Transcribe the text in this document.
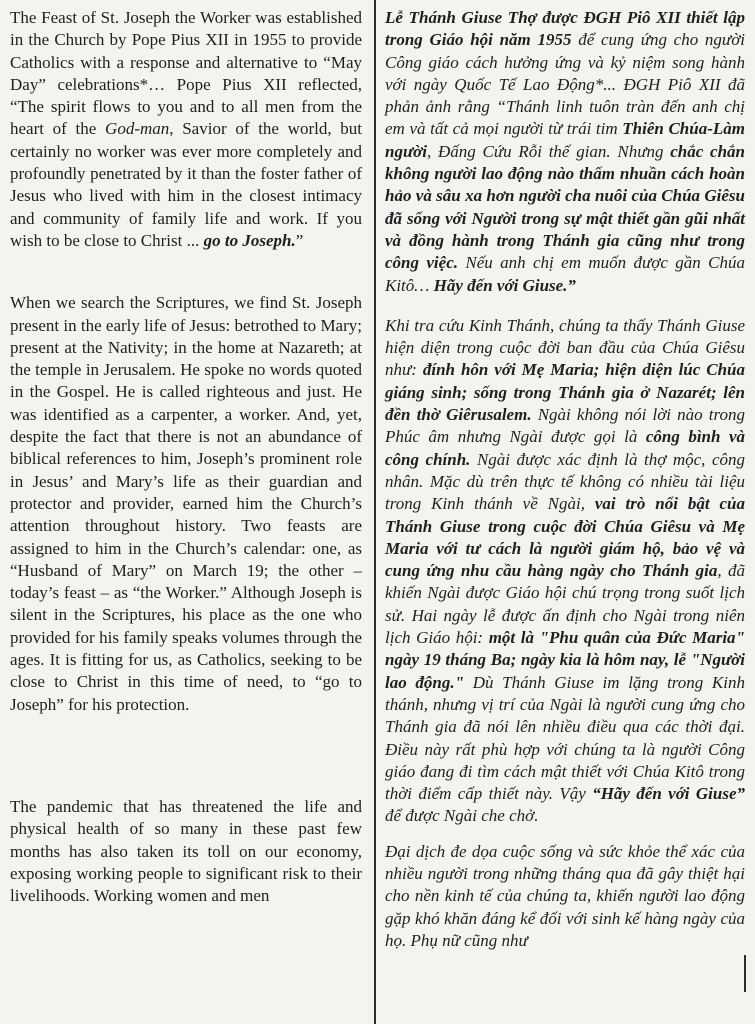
The Feast of St. Joseph the Worker was established in the Church by Pope Pius XII in 1955 to provide Catholics with a response and alternative to “May Day” celebrations*… Pope Pius XII reflected, “The spirit flows to you and to all men from the heart of the God-man, Savior of the world, but certainly no worker was ever more completely and profoundly penetrated by it than the foster father of Jesus who lived with him in the closest intimacy and community of family life and work. If you wish to be close to Christ ... go to Joseph.”

When we search the Scriptures, we find St. Joseph present in the early life of Jesus: betrothed to Mary; present at the Nativity; in the home at Nazareth; at the temple in Jerusalem. He spoke no words quoted in the Gospel. He is called righteous and just. He was identified as a carpenter, a worker. And, yet, despite the fact that there is not an abundance of biblical references to him, Joseph’s prominent role in Jesus’ and Mary’s life as their guardian and protector and provider, earned him the Church’s attention throughout history. Two feasts are assigned to him in the Church’s calendar: one, as “Husband of Mary” on March 19; the other – today’s feast – as “the Worker.” Although Joseph is silent in the Scriptures, his place as the one who provided for his family speaks volumes through the ages. It is fitting for us, as Catholics, seeking to be close to Christ in this time of need, to “go to Joseph” for his protection.

The pandemic that has threatened the life and physical health of so many in these past few months has also taken its toll on our economy, exposing working people to significant risk to their livelihoods. Working women and men

Lễ Thánh Giuse Thợ được ĐGH Piô XII thiết lập trong Giáo hội năm 1955 để cung ứng cho người Công giáo cách hưởng ứng và kỷ niệm song hành với ngày Quốc Tế Lao Động*... ĐGH Piô XII đã phản ảnh rằng “Thánh linh tuôn tràn đến anh chị em và tất cả mọi người từ trái tim Thiên Chúa-Làm người, Đấng Cứu Rỗi thế gian. Nhưng chắc chắn không người lao động nào thấm nhuần cách hoàn hảo và sâu xa hơn người cha nuôi của Chúa Giêsu đã sống với Người trong sự mật thiết gần gũi nhất và đồng hành trong Thánh gia cũng như trong công việc. Nếu anh chị em muốn được gần Chúa Kitô… Hãy đến với Giuse.”

Khi tra cứu Kinh Thánh, chúng ta thấy Thánh Giuse hiện diện trong cuộc đời ban đầu của Chúa Giêsu như: đính hôn với Mẹ Maria; hiện diện lúc Chúa giáng sinh; sống trong Thánh gia ở Nazarét; lên đền thờ Giêrusalem. Ngài không nói lời nào trong Phúc âm nhưng Ngài được gọi là công bình và công chính. Ngài được xác định là thợ mộc, công nhân. Mặc dù trên thực tế không có nhiều tài liệu trong Kinh thánh về Ngài, vai trò nổi bật của Thánh Giuse trong cuộc đời Chúa Giêsu và Mẹ Maria với tư cách là người giám hộ, bảo vệ và cung ứng nhu cầu hàng ngày cho Thánh gia, đã khiến Ngài được Giáo hội chú trọng trong suốt lịch sử. Hai ngày lễ được ấn định cho Ngài trong niên lịch Giáo hội: một là "Phu quân của Đức Maria" ngày 19 tháng Ba; ngày kia là hôm nay, lễ "Người lao động." Dù Thánh Giuse im lặng trong Kinh thánh, nhưng vị trí của Ngài là người cung ứng cho Thánh gia đã nói lên nhiều điều qua các thời đại. Điều này rất phù hợp với chúng ta là người Công giáo đang đi tìm cách mật thiết với Chúa Kitô trong thời điểm cấp thiết này. Vậy “Hãy đến với Giuse” để được Ngài che chở.

Đại dịch đe dọa cuộc sống và sức khỏe thể xác của nhiều người trong những tháng qua đã gây thiệt hại cho nền kinh tế của chúng ta, khiến người lao động gặp khó khăn đáng kể đối với sinh kế hàng ngày của họ. Phụ nữ cũng như
